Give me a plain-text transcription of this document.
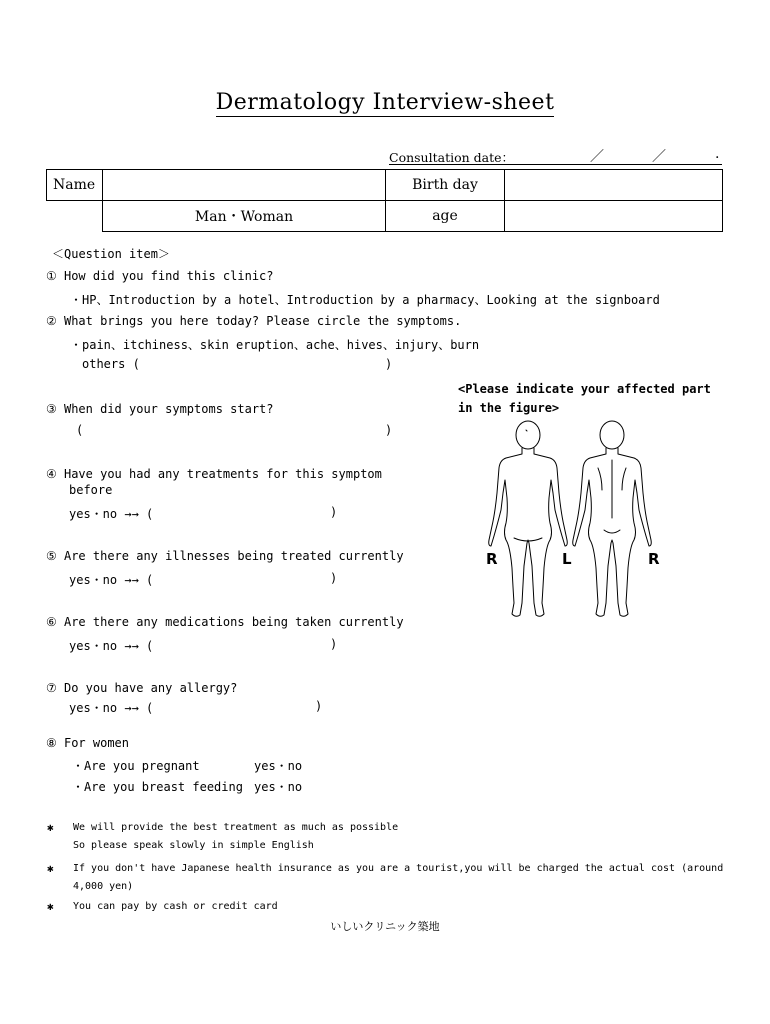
Dermatology Interview-sheet
Consultation date：	／	／	.
Name		Birth day	
	Man・Woman	age	
＜Question item＞
① How did you find this clinic?
・HP、Introduction by a hotel、Introduction by a pharmacy、Looking at the signboard
② What brings you here today? Please circle the symptoms.
・pain、itchiness、skin eruption、ache、hives、injury、burn
others (	)
<Please indicate your affected part
in the figure>
③ When did your symptoms start?
(	)
④ Have you had any treatments for this symptom
before
yes・no →→ (	)
⑤ Are there any illnesses being treated currently
yes・no →→ (	)
⑥ Are there any medications being taken currently
yes・no →→ (	)
⑦ Do you have any allergy?
yes・no →→ (	)
⑧ For women
・Are you pregnant	yes・no
・Are you breast feeding yes・no
R	L	R
✱ We will provide the best treatment as much as possible
So please speak slowly in simple English
✱ If you don't have Japanese health insurance as you are a tourist,you will be charged the actual cost (around
4,000 yen)
✱ You can pay by cash or credit card
いしいクリニック築地
